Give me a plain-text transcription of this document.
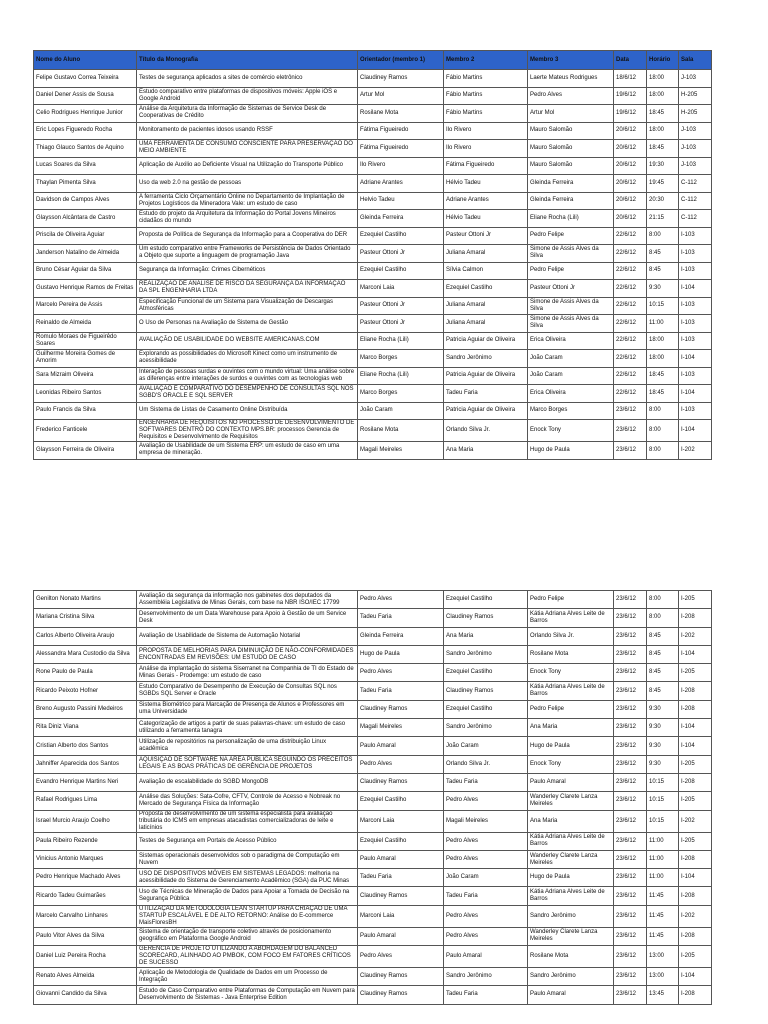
Nome do Aluno	Título da Monografia	Orientador (membro 1)	Membro 2	Membro 3	Data	Horário	Sala
Felipe Gustavo Correa Teixeira	Testes de segurança aplicados a sites de comércio eletrônico	Claudiney Ramos	Fábio Martins	Laerte Mateus Rodrigues	18/6/12	18:00	J-103
Daniel Dener Assis de Sousa	Estudo comparativo entre plataformas de dispositivos móveis: Apple iOS e Google Android	Artur Mol	Fábio Martins	Pedro Alves	19/6/12	18:00	H-205
Celio Rodrigues Henrique Junior	Análise da Arquitetura da Informação de Sistemas de Service Desk de Cooperativas de Crédito	Rosilane Mota	Fábio Martins	Artur Mol	19/6/12	18:45	H-205
Eric Lopes Figueredo Rocha	Monitoramento de pacientes idosos usando RSSF	Fátima Figueiredo	Ilo Rivero	Mauro Salomão	20/6/12	18:00	J-103
Thiago Glauco Santos de Aquino	UMA FERRAMENTA DE CONSUMO CONSCIENTE PARA PRESERVAÇÃO DO MEIO AMBIENTE	Fátima Figueiredo	Ilo Rivero	Mauro Salomão	20/6/12	18:45	J-103
Lucas Soares da Silva	Aplicação de Auxilio ao Deficiente Visual na Utilização do Transporte Público	Ilo Rivero	Fátima Figueiredo	Mauro Salomão	20/6/12	19:30	J-103
Thaylan Pimenta Silva	Uso da web 2.0 na gestão de pessoas	Adriane Arantes	Hélvio Tadeu	Gleinda Ferreira	20/6/12	19:45	C-112
Davidson de Campos Alves	A ferramenta Ciclo Orçamentário Online no Departamento de Implantação de Projetos Logísticos da Mineradora Vale: um estudo de caso	Helvio Tadeu	Adriane Arantes	Gleinda Ferreira	20/6/12	20:30	C-112
Glaysson Alcântara de Castro	Estudo do projeto da Arquitetura da Informação do Portal Jovens Mineiros cidadãos do mundo	Gleinda Ferreira	Hélvio Tadeu	Eliane Rocha (Lili)	20/6/12	21:15	C-112
Priscila de Oliveira Aguiar	Proposta de Política de Segurança da Informação para a Cooperativa do DER	Ezequiel Castilho	Pasteur Ottoni Jr	Pedro Felipe	22/6/12	8:00	I-103
Janderson Natalino de Almeida	Um estudo comparativo entre Frameworks de Persistência de Dados Orientado a Objeto que suporte a linguagem de programação Java	Pasteur Ottoni Jr	Juliana Amaral	Simone de Assis Alves da Silva	22/6/12	8:45	I-103
Bruno César Aguiar da Silva	Segurança da Informação: Crimes Cibernéticos	Ezequiel Castilho	Sílvia Calmon	Pedro Felipe	22/6/12	8:45	I-103
Gustavo Henrique Ramos de Freitas	REALIZAÇÃO DE ANÁLISE DE RISCO DA SEGURANÇA DA INFORMAÇÃO DA SPL ENGENHARIA LTDA	Marconi Laia	Ezequiel Castilho	Pasteur Ottoni Jr	22/6/12	9:30	I-104
Marcelo Pereira de Assis	Especificação Funcional de um Sistema para Visualização de Descargas Atmosféricas	Pasteur Ottoni Jr	Juliana Amaral	Simone de Assis Alves da Silva	22/6/12	10:15	I-103
Reinaldo de Almeida	O Uso de Personas na Avaliação de Sistema de Gestão	Pasteur Ottoni Jr	Juliana Amaral	Simone de Assis Alves da Silva	22/6/12	11:00	I-103
Romulo Moraes de Figueirêdo Soares	AVALIAÇÃO DE USABILIDADE DO WEBSITE AMERICANAS.COM	Eliane Rocha (Lili)	Patricia Aguiar de Oliveira	Erica Oliveira	22/6/12	18:00	I-103
Guilherme Moreira Gomes de Amorim	Explorando as possibilidades do Microsoft Kinect como um instrumento de acessibilidade	Marco Borges	Sandro Jerônimo	João Caram	22/6/12	18:00	I-104
Sara Mizraim Oliveira	Interação de pessoas surdas e ouvintes com o mundo virtual: Uma análise sobre as diferenças entre interações de surdos e ouvintes com as tecnologias web	Eliane Rocha (Lili)	Patricia Aguiar de Oliveira	João Caram	22/6/12	18:45	I-103
Leonidas Ribeiro Santos	AVALIAÇÃO E COMPARATIVO DO DESEMPENHO DE CONSULTAS SQL NOS SGBD'S ORACLE E SQL SERVER	Marco Borges	Tadeu Faria	Erica Oliveira	22/6/12	18:45	I-104
Paulo Francis da Silva	Um Sistema de Listas de Casamento Online Distribuída	João Caram	Patricia Aguiar de Oliveira	Marco Borges	23/6/12	8:00	I-103
Frederico Fanticele	ENGENHARIA DE REQUISITOS NO PROCESSO DE DESENVOLVIMENTO DE SOFTWARES DENTRO DO CONTEXTO MPS.BR: processos Gerencia de Requisitos e Desenvolvimento de Requisitos	Rosilane Mota	Orlando Silva Jr.	Enock Tony	23/6/12	8:00	I-104
Glaysson Ferreira de Oliveira	Avaliação de Usabilidade de um Sistema ERP: um estudo de caso em uma empresa de mineração.	Magali Meireles	Ana Maria	Hugo de Paula	23/6/12	8:00	I-202
Genilton Nonato Martins	Avaliação da segurança da informação nos gabinetes dos deputados da Assembléia Legislativa de Minas Gerais, com base na NBR ISO/IEC 17799	Pedro Alves	Ezequiel Castilho	Pedro Felipe	23/6/12	8:00	I-205
Mariana Cristina Silva	Desenvolvimento de um Data Warehouse para Apoio à Gestão de um Service Desk	Tadeu Faria	Claudiney Ramos	Kátia Adriana Alves Leite de Barros	23/6/12	8:00	I-208
Carlos Alberto Oliveira Araujo	Avaliação de Usabilidade de Sistema de Automação Notarial	Gleinda Ferreira	Ana Maria	Orlando Silva Jr.	23/6/12	8:45	I-202
Alessandra Mara Custodio da Silva	PROPOSTA DE MELHORIAS PARA DIMINUIÇÃO DE NÃO-CONFORMIDADES ENCONTRADAS EM REVISÕES: UM ESTUDO DE CASO	Hugo de Paula	Sandro Jerônimo	Rosilane Mota	23/6/12	8:45	I-104
Rone Paulo de Paula	Análise da implantação do sistema Siserranet na Companhia de TI do Estado de Minas Gerais - Prodemge: um estudo de caso	Pedro Alves	Ezequiel Castilho	Enock Tony	23/6/12	8:45	I-205
Ricardo Peixoto Hofner	Estudo Comparativo de Desempenho de Execução de Consultas SQL nos SGBDs SQL Server e Oracle	Tadeu Faria	Claudiney Ramos	Kátia Adriana Alves Leite de Barros	23/6/12	8:45	I-208
Breno Augusto Passini Medeiros	Sistema Biométrico para Marcação de Presença de Alunos e Professores em uma Universidade	Claudiney Ramos	Ezequiel Castilho	Pedro Felipe	23/6/12	9:30	I-208
Rita Diniz Viana	Categorização de artigos a partir de suas palavras-chave: um estudo de caso utilizando a ferramenta tanagra	Magali Meireles	Sandro Jerônimo	Ana Maria	23/6/12	9:30	I-104
Cristian Alberto dos Santos	Utilização de repositórios na personalização de uma distribuição Linux acadêmica	Paulo Amaral	João Caram	Hugo de Paula	23/6/12	9:30	I-104
Jahniffer Aparecida dos Santos	AQUISIÇÃO DE SOFTWARE NA ÁREA PÚBLICA SEGUINDO OS PRECEITOS LEGAIS E AS BOAS PRÁTICAS DE GERÊNCIA DE PROJETOS	Pedro Alves	Orlando Silva Jr.	Enock Tony	23/6/12	9:30	I-205
Evandro Henrique Martins Neri	Avaliação de escalabilidade do SGBD MongoDB	Claudiney Ramos	Tadeu Faria	Paulo Amaral	23/6/12	10:15	I-208
Rafael Rodrigues Lima	Análise das Soluções: Sata-Cofre, CFTV, Controle de Acesso e Nobreak no Mercado de Segurança Física da Informação	Ezequiel Castilho	Pedro Alves	Wanderley Clarete Lanza Meireles	23/6/12	10:15	I-205
Israel Murcio Araujo Coelho	Proposta de desenvolvimento de um sistema especialista para avaliação tributária do ICMS em empresas atacadistas comercializadoras de leite e laticínios	Marconi Laia	Magali Meireles	Ana Maria	23/6/12	10:15	I-202
Paula Ribeiro Rezende	Testes de Segurança em Portais de Acesso Público	Ezequiel Castilho	Pedro Alves	Kátia Adriana Alves Leite de Barros	23/6/12	11:00	I-205
Vinicius Antonio Marques	Sistemas operacionais desenvolvidos sob o paradigma de Computação em Nuvem	Paulo Amaral	Pedro Alves	Wanderley Clarete Lanza Meireles	23/6/12	11:00	I-208
Pedro Henrique Machado Alves	USO DE DISPOSITIVOS MÓVEIS EM SISTEMAS LEGADOS: melhoria na acessibilidade do Sistema de Gerenciamento Acadêmico (SGA) da PUC Minas	Tadeu Faria	João Caram	Hugo de Paula	23/6/12	11:00	I-104
Ricardo Tadeu Guimarães	Uso de Técnicas de Mineração de Dados para Apoiar a Tomada de Decisão na Segurança Pública	Claudiney Ramos	Tadeu Faria	Kátia Adriana Alves Leite de Barros	23/6/12	11:45	I-208
Marcelo Carvalho Linhares	UTILIZAÇÃO DA METODOLOGIA LEAN STARTUP PARA CRIAÇÃO DE UMA STARTUP ESCALÁVEL E DE ALTO RETORNO: Análise do E-commerce MaisFloresBH	Marconi Laia	Pedro Alves	Sandro Jerônimo	23/6/12	11:45	I-202
Paulo Vitor Alves da Silva	Sistema de orientação de transporte coletivo através de posicionamento geográfico em Plataforma Google Android	Paulo Amaral	Pedro Alves	Wanderley Clarete Lanza Meireles	23/6/12	11:45	I-208
Daniel Luiz Pereira Rocha	GERÊNCIA DE PROJETO UTILIZANDO A ABORDAGEM DO BALANCED SCORECARD, ALINHADO AO PMBOK, COM FOCO EM FATORES CRÍTICOS DE SUCESSO	Pedro Alves	Paulo Amaral	Rosilane Mota	23/6/12	13:00	I-205
Renato Alves Almeida	Aplicação de Metodologia de Qualidade de Dados em um Processo de Integração	Claudiney Ramos	Sandro Jerônimo	Sandro Jerônimo	23/6/12	13:00	I-104
Giovanni Candido da Silva	Estudo de Caso Comparativo entre Plataformas de Computação em Nuvem para Desenvolvimento de Sistemas - Java Enterprise Edition	Claudiney Ramos	Tadeu Faria	Paulo Amaral	23/6/12	13:45	I-208
